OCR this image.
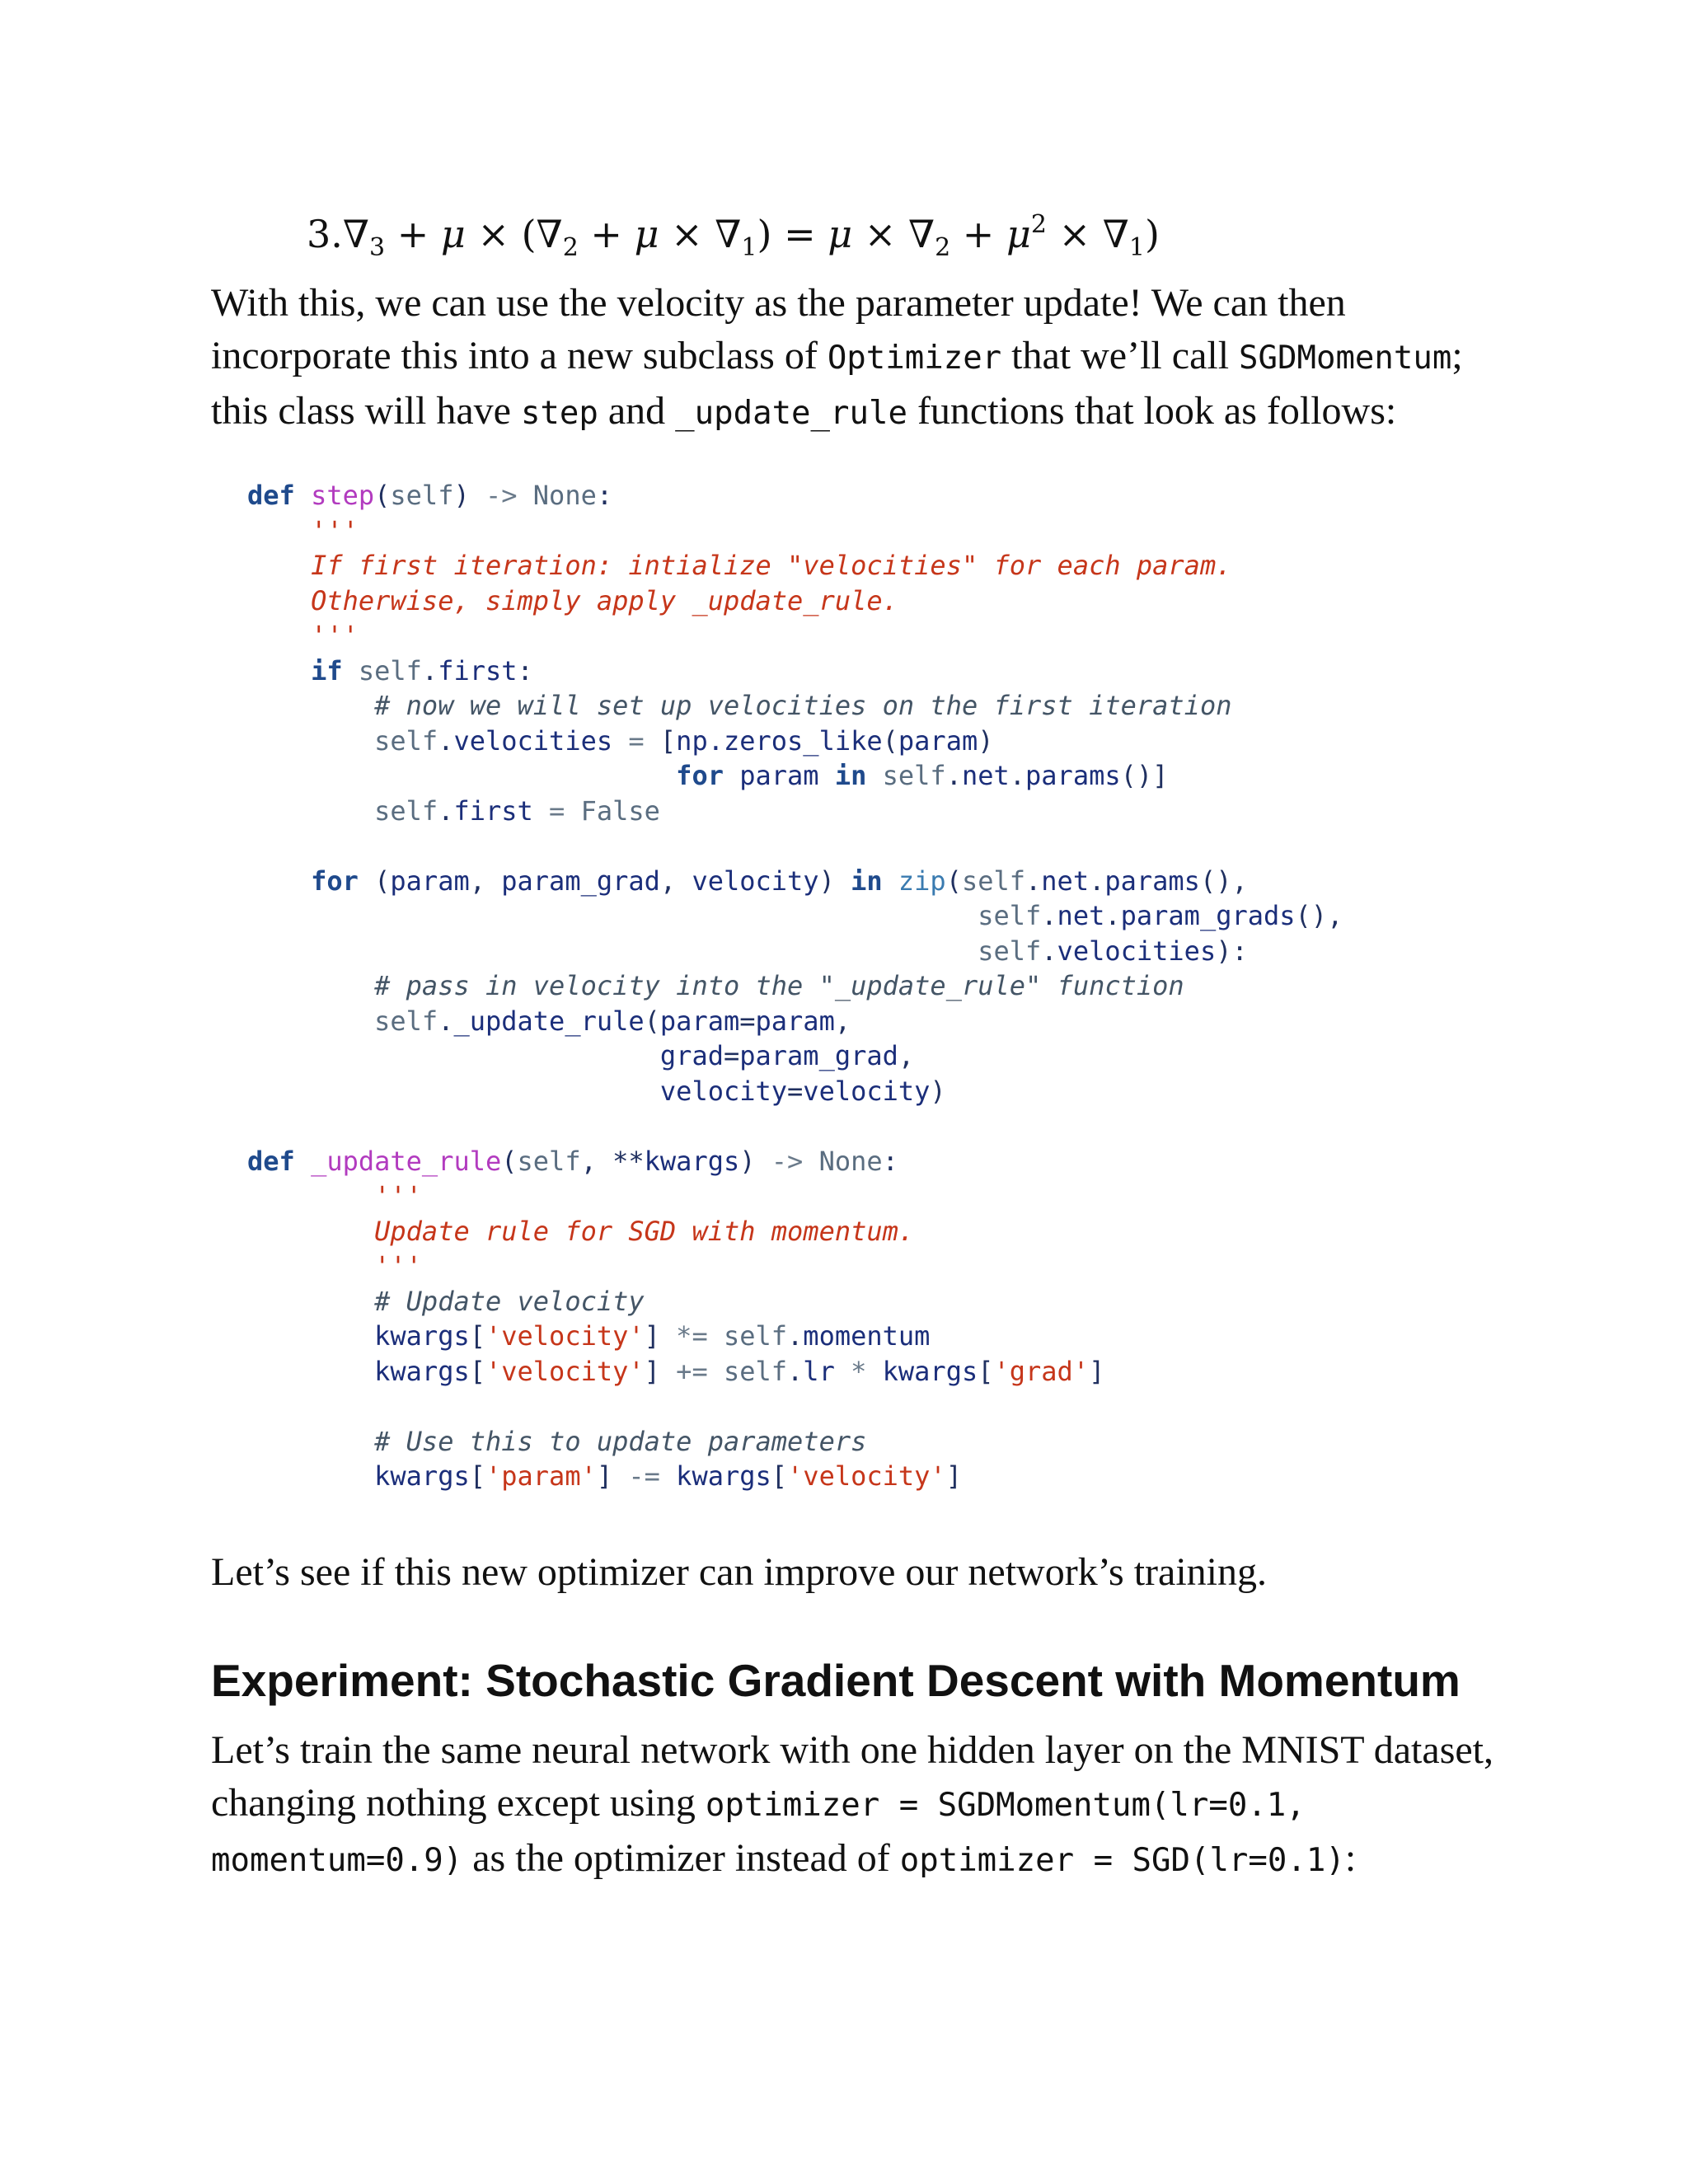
$3.\nabla_3 + \mu \times (\nabla_2 + \mu \times \nabla_1) = \mu \times \nabla_2 + \mu^2 \times \nabla_1$)

With this, we can use the velocity as the parameter update! We can then incorporate this into a new subclass of Optimizer that we’ll call SGDMomentum; this class will have step and _update_rule functions that look as follows:

def step(self) -> None:
'''
If first iteration: intialize "velocities" for each param.
Otherwise, simply apply _update_rule.
'''
if self.first:
# now we will set up velocities on the first iteration
self.velocities = [np.zeros_like(param)
for param in self.net.params()]
self.first = False

for (param, param_grad, velocity) in zip(self.net.params(),
self.net.param_grads(),
self.velocities):
# pass in velocity into the "_update_rule" function
self._update_rule(param=param,
grad=param_grad,
velocity=velocity)

def _update_rule(self, **kwargs) -> None:
'''
Update rule for SGD with momentum.
'''
# Update velocity
kwargs['velocity'] *= self.momentum
kwargs['velocity'] += self.lr * kwargs['grad']

# Use this to update parameters
kwargs['param'] -= kwargs['velocity']

Let’s see if this new optimizer can improve our network’s training.

Experiment: Stochastic Gradient Descent with Momentum

Let’s train the same neural network with one hidden layer on the MNIST dataset, changing nothing except using optimizer = SGDMomentum(lr=0.1, momentum=0.9) as the optimizer instead of optimizer = SGD(lr=0.1):
